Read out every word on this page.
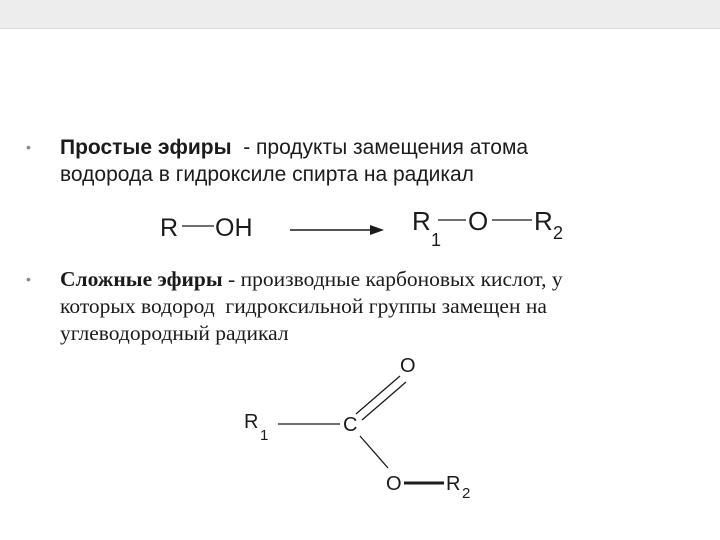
• Простые эфиры  - продукты замещения атома
водорода в гидроксиле спирта на радикал
• Сложные эфиры - производные карбоновых кислот, у
которых водород  гидроксильной группы замещен на
углеводородный радикал
R OH	R
1
O R 2
O
R
1	C
O R 2
